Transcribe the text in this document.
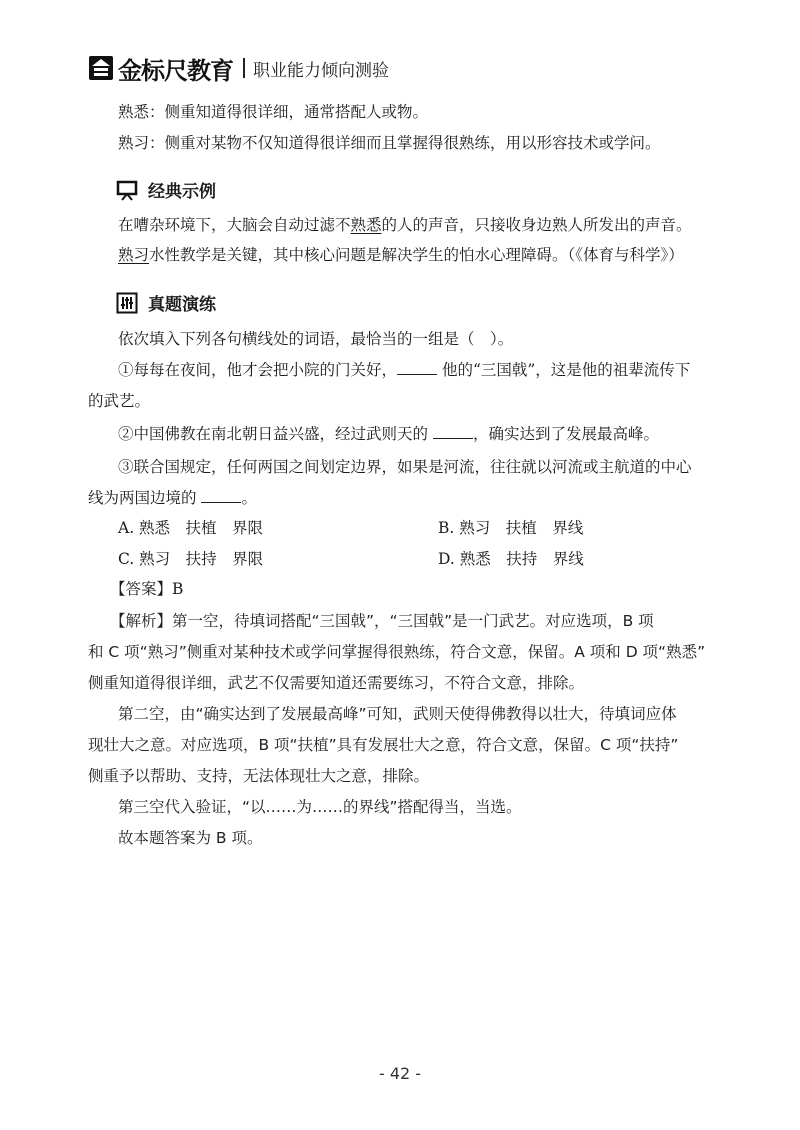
金标尺教育 职业能力倾向测验
熟悉：侧重知道得很详细，通常搭配人或物。
熟习：侧重对某物不仅知道得很详细而且掌握得很熟练，用以形容技术或学问。
经典示例
在嘈杂环境下，大脑会自动过滤不熟悉的人的声音，只接收身边熟人所发出的声音。
熟习水性教学是关键，其中核心问题是解决学生的怕水心理障碍。（《体育与科学》）
真题演练
依次填入下列各句横线处的词语，最恰当的一组是（　）。
①每每在夜间，他才会把小院的门关好，	他的“三国戟”，这是他的祖辈流传下
的武艺。
②中国佛教在南北朝日益兴盛，经过武则天的	，确实达到了发展最高峰。
③联合国规定，任何两国之间划定边界，如果是河流，往往就以河流或主航道的中心
线为两国边境的	。
A. 熟悉　扶植　界限	B. 熟习　扶植　界线
C. 熟习　扶持　界限	D. 熟悉　扶持　界线
【答案】B
【解析】第一空，待填词搭配“三国戟”，“三国戟”是一门武艺。对应选项，B 项
和 C 项“熟习”侧重对某种技术或学问掌握得很熟练，符合文意，保留。A 项和 D 项“熟悉”
侧重知道得很详细，武艺不仅需要知道还需要练习，不符合文意，排除。
第二空，由“确实达到了发展最高峰”可知，武则天使得佛教得以壮大，待填词应体
现壮大之意。对应选项，B 项“扶植”具有发展壮大之意，符合文意，保留。C 项“扶持”
侧重予以帮助、支持，无法体现壮大之意，排除。
第三空代入验证，“以……为……的界线”搭配得当，当选。
故本题答案为 B 项。
- 42 -
